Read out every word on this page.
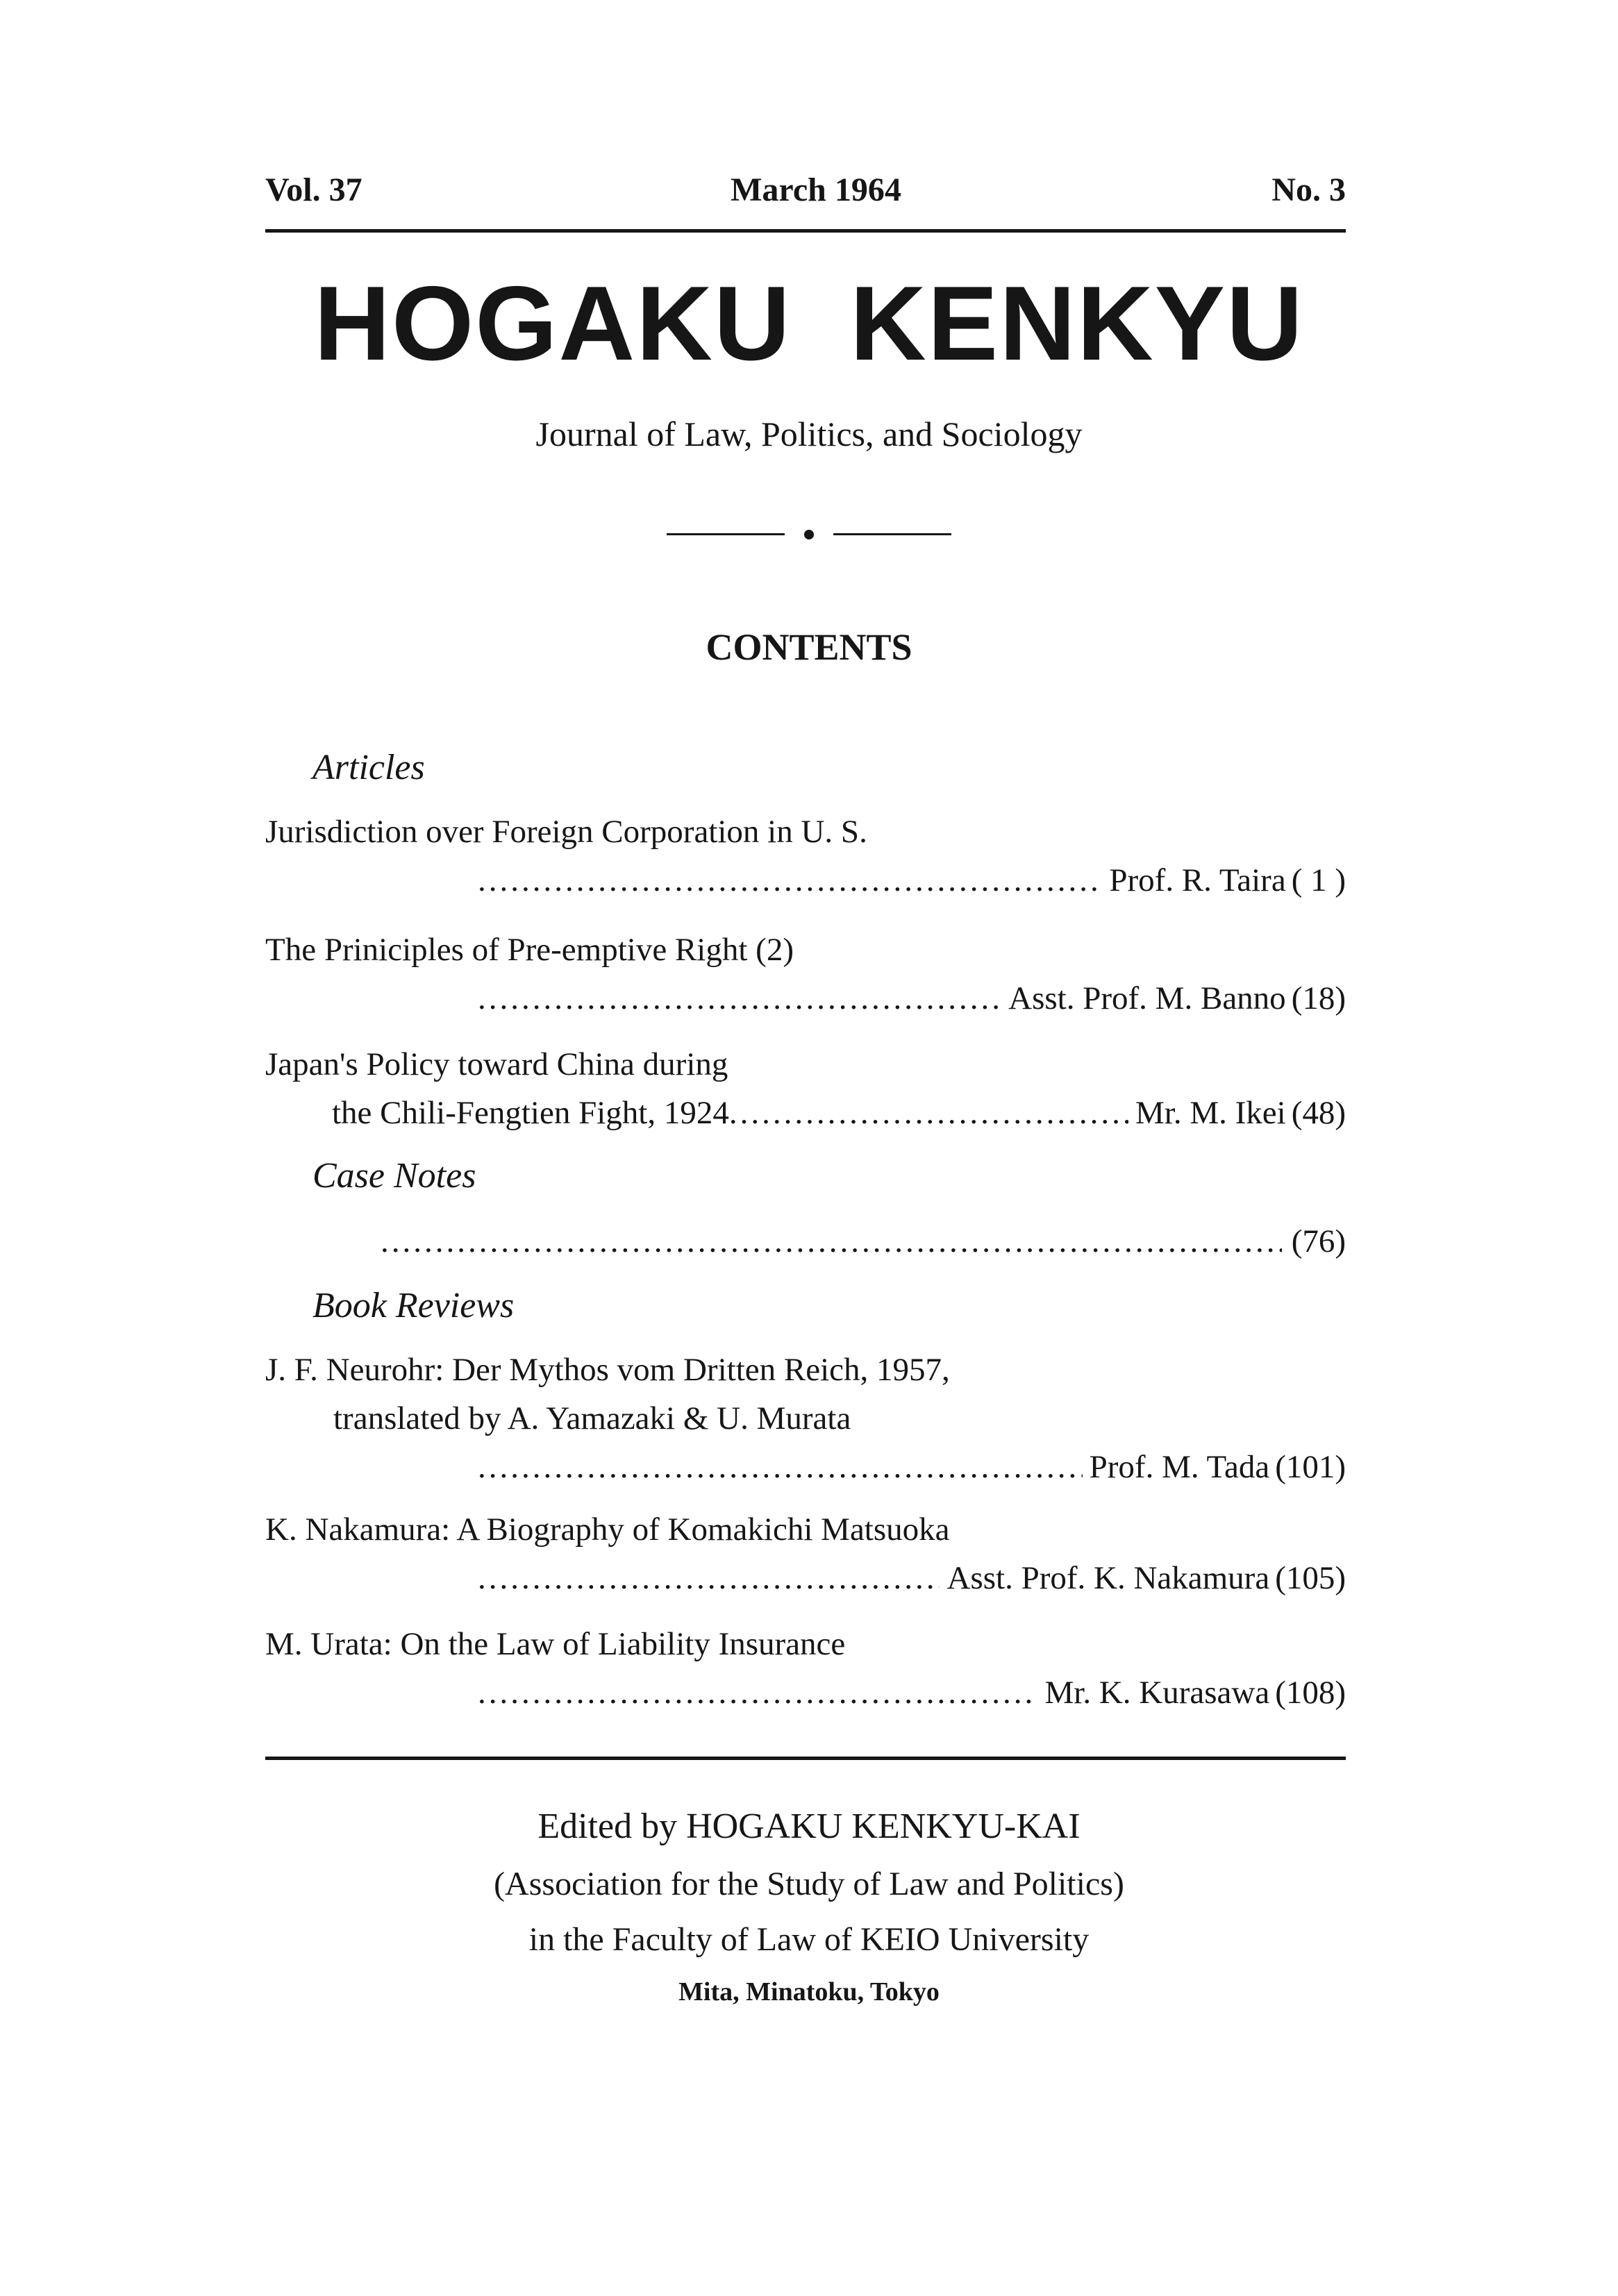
Vol. 37	March 1964	No. 3
HOGAKU KENKYU
Journal of Law, Politics, and Sociology
CONTENTS
Articles
Jurisdiction over Foreign Corporation in U. S.
.....
Prof. R. Taira ( 1 )
The Priniciples of Pre-emptive Right (2)
.....
Asst. Prof. M. Banno (18)
Japan's Policy toward China during
the Chili-Fengtien Fight, 1924
.....	Mr. M. Ikei (48)
Case Notes
.....
(76)
Book Reviews
J. F. Neurohr: Der Mythos vom Dritten Reich, 1957,
translated by A. Yamazaki & U. Murata
.....
Prof. M. Tada (101)
K. Nakamura: A Biography of Komakichi Matsuoka
.....
Asst. Prof. K. Nakamura (105)
M. Urata: On the Law of Liability Insurance
.....
Mr. K. Kurasawa (108)
Edited by HOGAKU KENKYU-KAI
(Association for the Study of Law and Politics)
in the Faculty of Law of KEIO University
Mita, Minatoku, Tokyo
